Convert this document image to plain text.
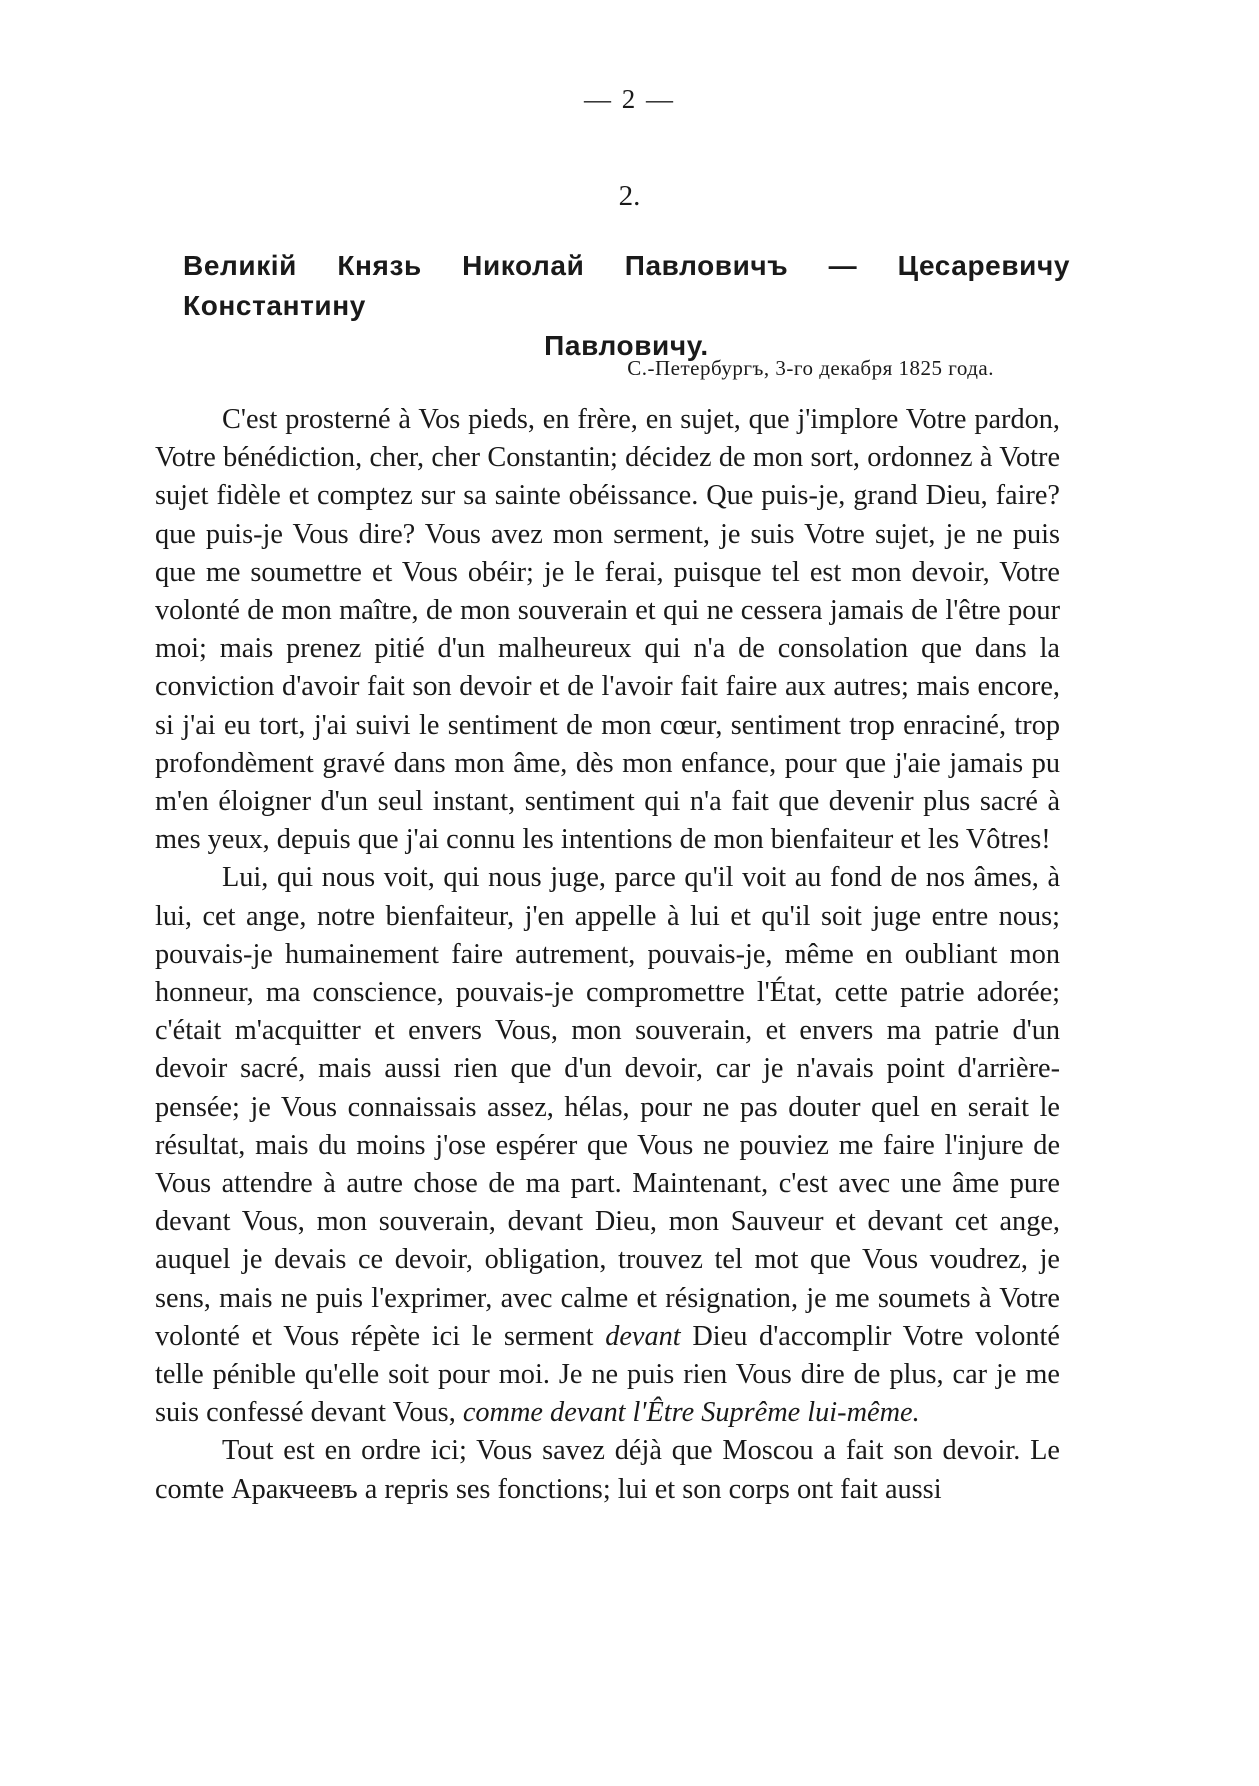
— 2 —
2.
Великій Князь Николай Павловичъ — Цесаревичу Константину
Павловичу.
С.-Петербургъ, 3-го декабря 1825 года.

C'est prosterné à Vos pieds, en frère, en sujet, que j'implore Votre pardon, Votre bénédiction, cher, cher Constantin; décidez de mon sort, ordonnez à Votre sujet fidèle et comptez sur sa sainte obéissance. Que puis-je, grand Dieu, faire? que puis-je Vous dire? Vous avez mon serment, je suis Votre sujet, je ne puis que me soumettre et Vous obéir; je le ferai, puisque tel est mon devoir, Votre volonté de mon maître, de mon souverain et qui ne cessera jamais de l'être pour moi; mais prenez pitié d'un malheureux qui n'a de consolation que dans la conviction d'avoir fait son devoir et de l'avoir fait faire aux autres; mais encore, si j'ai eu tort, j'ai suivi le sentiment de mon cœur, sentiment trop enraciné, trop profondèment gravé dans mon âme, dès mon enfance, pour que j'aie jamais pu m'en éloigner d'un seul instant, sentiment qui n'a fait que devenir plus sacré à mes yeux, depuis que j'ai connu les intentions de mon bienfaiteur et les Vôtres!

Lui, qui nous voit, qui nous juge, parce qu'il voit au fond de nos âmes, à lui, cet ange, notre bienfaiteur, j'en appelle à lui et qu'il soit juge entre nous; pouvais-je humainement faire autrement, pouvais-je, même en oubliant mon honneur, ma conscience, pouvais-je compromettre l'État, cette patrie adorée; c'était m'acquitter et envers Vous, mon souverain, et envers ma patrie d'un devoir sacré, mais aussi rien que d'un devoir, car je n'avais point d'arrière-pensée; je Vous connaissais assez, hélas, pour ne pas douter quel en serait le résultat, mais du moins j'ose espérer que Vous ne pouviez me faire l'injure de Vous attendre à autre chose de ma part. Maintenant, c'est avec une âme pure devant Vous, mon souverain, devant Dieu, mon Sauveur et devant cet ange, auquel je devais ce devoir, obligation, trouvez tel mot que Vous voudrez, je sens, mais ne puis l'exprimer, avec calme et résignation, je me soumets à Votre volonté et Vous répète ici le serment devant Dieu d'accomplir Votre volonté telle pénible qu'elle soit pour moi. Je ne puis rien Vous dire de plus, car je me suis confessé devant Vous, comme devant l'Être Suprême lui-même.

Tout est en ordre ici; Vous savez déjà que Moscou a fait son devoir. Le comte Аракчеевъ a repris ses fonctions; lui et son corps ont fait aussi
